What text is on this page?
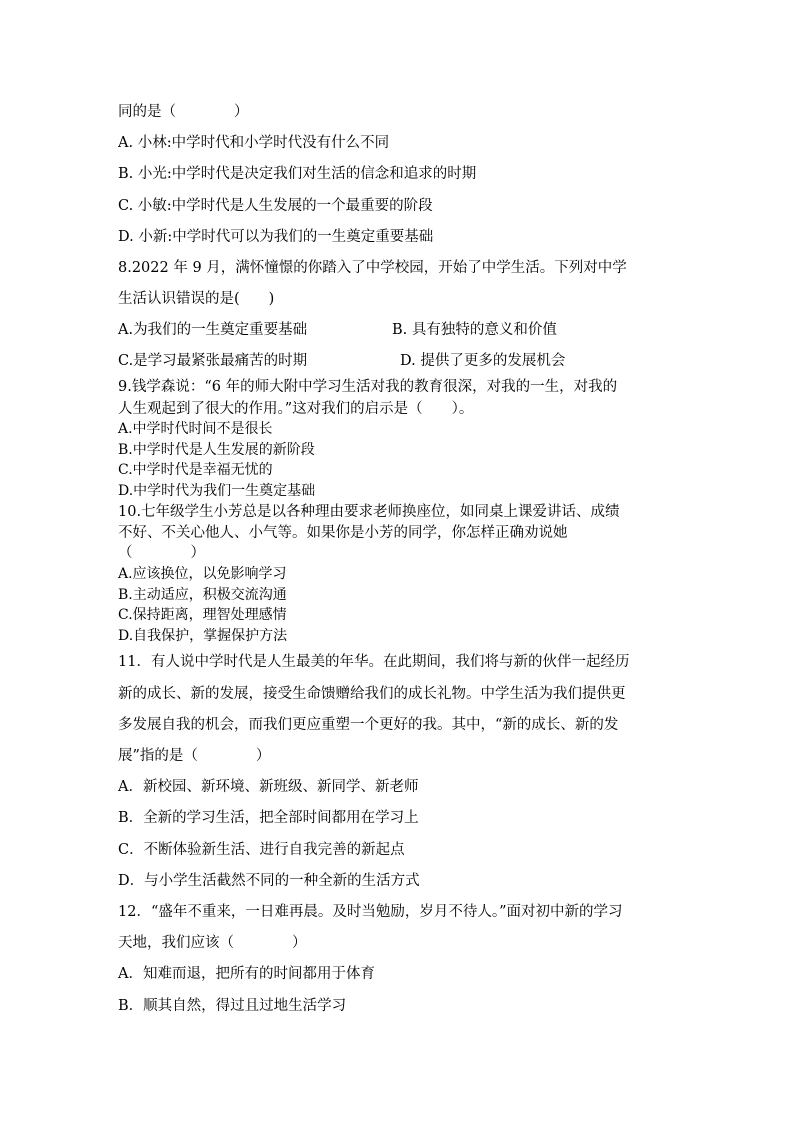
同的是（　　　　）
A. 小林:中学时代和小学时代没有什么不同
B. 小光:中学时代是决定我们对生活的信念和追求的时期
C. 小敏:中学时代是人生发展的一个最重要的阶段
D. 小新:中学时代可以为我们的一生奠定重要基础
8.2022 年 9 月，满怀憧憬的你踏入了中学校园，开始了中学生活。下列对中学
生活认识错误的是(　　)
A.为我们的一生奠定重要基础	B. 具有独特的意义和价值
C.是学习最紧张最痛苦的时期	D. 提供了更多的发展机会
9.钱学森说：“6 年的师大附中学习生活对我的教育很深，对我的一生，对我的
人生观起到了很大的作用。”这对我们的启示是（　　）。
A.中学时代时间不是很长
B.中学时代是人生发展的新阶段
C.中学时代是幸福无忧的
D.中学时代为我们一生奠定基础
10.七年级学生小芳总是以各种理由要求老师换座位，如同桌上课爱讲话、成绩
不好、不关心他人、小气等。如果你是小芳的同学，你怎样正确劝说她
（　　　　）
A.应该换位，以免影响学习
B.主动适应，积极交流沟通
C.保持距离，理智处理感情
D.自我保护，掌握保护方法
11．有人说中学时代是人生最美的年华。在此期间，我们将与新的伙伴一起经历
新的成长、新的发展，接受生命馈赠给我们的成长礼物。中学生活为我们提供更
多发展自我的机会，而我们更应重塑一个更好的我。其中，“新的成长、新的发
展”指的是（　　　　）
A．新校园、新环境、新班级、新同学、新老师
B．全新的学习生活，把全部时间都用在学习上
C．不断体验新生活、进行自我完善的新起点
D．与小学生活截然不同的一种全新的生活方式
12．“盛年不重来，一日难再晨。及时当勉励，岁月不待人。”面对初中新的学习
天地，我们应该（　　　　）
A．知难而退，把所有的时间都用于体育
B．顺其自然，得过且过地生活学习
